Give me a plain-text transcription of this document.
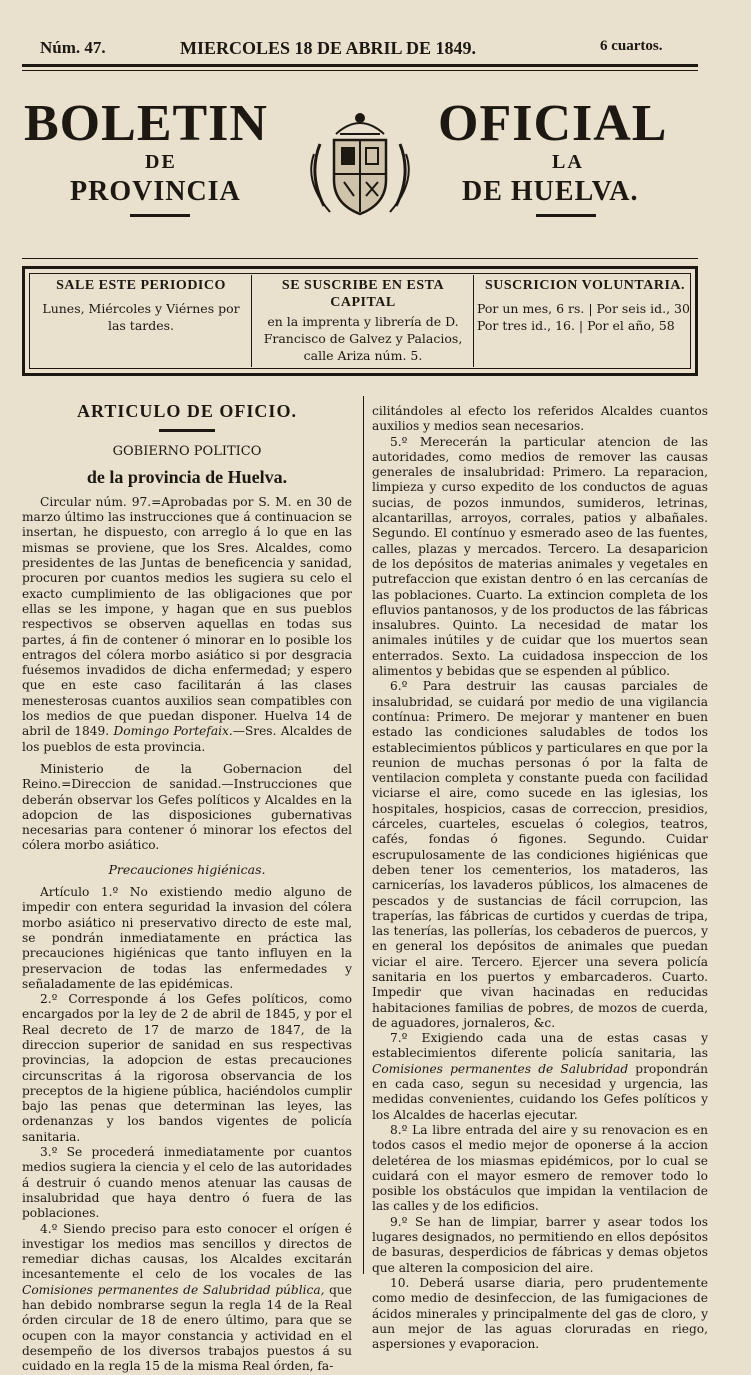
Núm. 47.	MIERCOLES 18 DE ABRIL DE 1849.	6 cuartos.
BOLETIN	OFICIAL
DE	LA
PROVINCIA	DE HUELVA.
SALE ESTE PERIODICO
Lunes, Miércoles y Viérnes por las tardes.
SE SUSCRIBE EN ESTA CAPITAL
en la imprenta y librería de D. Francisco de Galvez y Palacios, calle Ariza núm. 5.
SUSCRICION VOLUNTARIA.
Por un mes, 6 rs. | Por seis id., 30
Por tres id., 16. | Por el año, 58
ARTICULO DE OFICIO.
GOBIERNO POLITICO
de la provincia de Huelva.

Circular núm. 97.=Aprobadas por S. M. en 30 de marzo último las instrucciones que á continuacion se insertan, he dispuesto, con arreglo á lo que en las mismas se proviene, que los Sres. Alcaldes, como presidentes de las Juntas de beneficencia y sanidad, procuren por cuantos medios les sugiera su celo el exacto cumplimiento de las obligaciones que por ellas se les impone, y hagan que en sus pueblos respectivos se observen aquellas en todas sus partes, á fin de contener ó minorar en lo posible los entragos del cólera morbo asiático si por desgracia fuésemos invadidos de dicha enfermedad; y espero que en este caso facilitarán á las clases menesterosas cuantos auxilios sean compatibles con los medios de que puedan disponer. Huelva 14 de abril de 1849. Domingo Portefaix.—Sres. Alcaldes de los pueblos de esta provincia.

Ministerio de la Gobernacion del Reino.=Direccion de sanidad.—Instrucciones que deberán observar los Gefes políticos y Alcaldes en la adopcion de las disposiciones gubernativas necesarias para contener ó minorar los efectos del cólera morbo asiático.

Precauciones higiénicas.

Artículo 1.º No existiendo medio alguno de impedir con entera seguridad la invasion del cólera morbo asiático ni preservativo directo de este mal, se pondrán inmediatamente en práctica las precauciones higiénicas que tanto influyen en la preservacion de todas las enfermedades y señaladamente de las epidémicas.

2.º Corresponde á los Gefes políticos, como encargados por la ley de 2 de abril de 1845, y por el Real decreto de 17 de marzo de 1847, de la direccion superior de sanidad en sus respectivas provincias, la adopcion de estas precauciones circunscritas á la rigorosa observancia de los preceptos de la higiene pública, haciéndolos cumplir bajo las penas que determinan las leyes, las ordenanzas y los bandos vigentes de policía sanitaria.

3.º Se procederá inmediatamente por cuantos medios sugiera la ciencia y el celo de las autoridades á destruir ó cuando menos atenuar las causas de insalubridad que haya dentro ó fuera de las poblaciones.

4.º Siendo preciso para esto conocer el orígen é investigar los medios mas sencillos y directos de remediar dichas causas, los Alcaldes excitarán incesantemente el celo de los vocales de las Comisiones permanentes de Salubridad pública, que han debido nombrarse segun la regla 14 de la Real órden circular de 18 de enero último, para que se ocupen con la mayor constancia y actividad en el desempeño de los diversos trabajos puestos á su cuidado en la regla 15 de la misma Real órden, fa-

cilitándoles al efecto los referidos Alcaldes cuantos auxilios y medios sean necesarios.

5.º Merecerán la particular atencion de las autoridades, como medios de remover las causas generales de insalubridad: Primero. La reparacion, limpieza y curso expedito de los conductos de aguas sucias, de pozos inmundos, sumideros, letrinas, alcantarillas, arroyos, corrales, patios y albañales. Segundo. El contínuo y esmerado aseo de las fuentes, calles, plazas y mercados. Tercero. La desaparicion de los depósitos de materias animales y vegetales en putrefaccion que existan dentro ó en las cercanías de las poblaciones. Cuarto. La extincion completa de los efluvios pantanosos, y de los productos de las fábricas insalubres. Quinto. La necesidad de matar los animales inútiles y de cuidar que los muertos sean enterrados. Sexto. La cuidadosa inspeccion de los alimentos y bebidas que se espenden al público.

6.º Para destruir las causas parciales de insalubridad, se cuidará por medio de una vigilancia contínua: Primero. De mejorar y mantener en buen estado las condiciones saludables de todos los establecimientos públicos y particulares en que por la reunion de muchas personas ó por la falta de ventilacion completa y constante pueda con facilidad viciarse el aire, como sucede en las iglesias, los hospitales, hospicios, casas de correccion, presidios, cárceles, cuarteles, escuelas ó colegios, teatros, cafés, fondas ó figones. Segundo. Cuidar escrupulosamente de las condiciones higiénicas que deben tener los cementerios, los mataderos, las carnicerías, los lavaderos públicos, los almacenes de pescados y de sustancias de fácil corrupcion, las traperías, las fábricas de curtidos y cuerdas de tripa, las tenerías, las pollerías, los cebaderos de puercos, y en general los depósitos de animales que puedan viciar el aire. Tercero. Ejercer una severa policía sanitaria en los puertos y embarcaderos. Cuarto. Impedir que vivan hacinadas en reducidas habitaciones familias de pobres, de mozos de cuerda, de aguadores, jornaleros, &c.

7.º Exigiendo cada una de estas casas y establecimientos diferente policía sanitaria, las Comisiones permanentes de Salubridad propondrán en cada caso, segun su necesidad y urgencia, las medidas convenientes, cuidando los Gefes políticos y los Alcaldes de hacerlas ejecutar.

8.º La libre entrada del aire y su renovacion es en todos casos el medio mejor de oponerse á la accion deletérea de los miasmas epidémicos, por lo cual se cuidará con el mayor esmero de remover todo lo posible los obstáculos que impidan la ventilacion de las calles y de los edificios.

9.º Se han de limpiar, barrer y asear todos los lugares designados, no permitiendo en ellos depósitos de basuras, desperdicios de fábricas y demas objetos que alteren la composicion del aire.

10. Deberá usarse diaria, pero prudentemente como medio de desinfeccion, de las fumigaciones de ácidos minerales y principalmente del gas de cloro, y aun mejor de las aguas cloruradas en riego, aspersiones y evaporacion.
